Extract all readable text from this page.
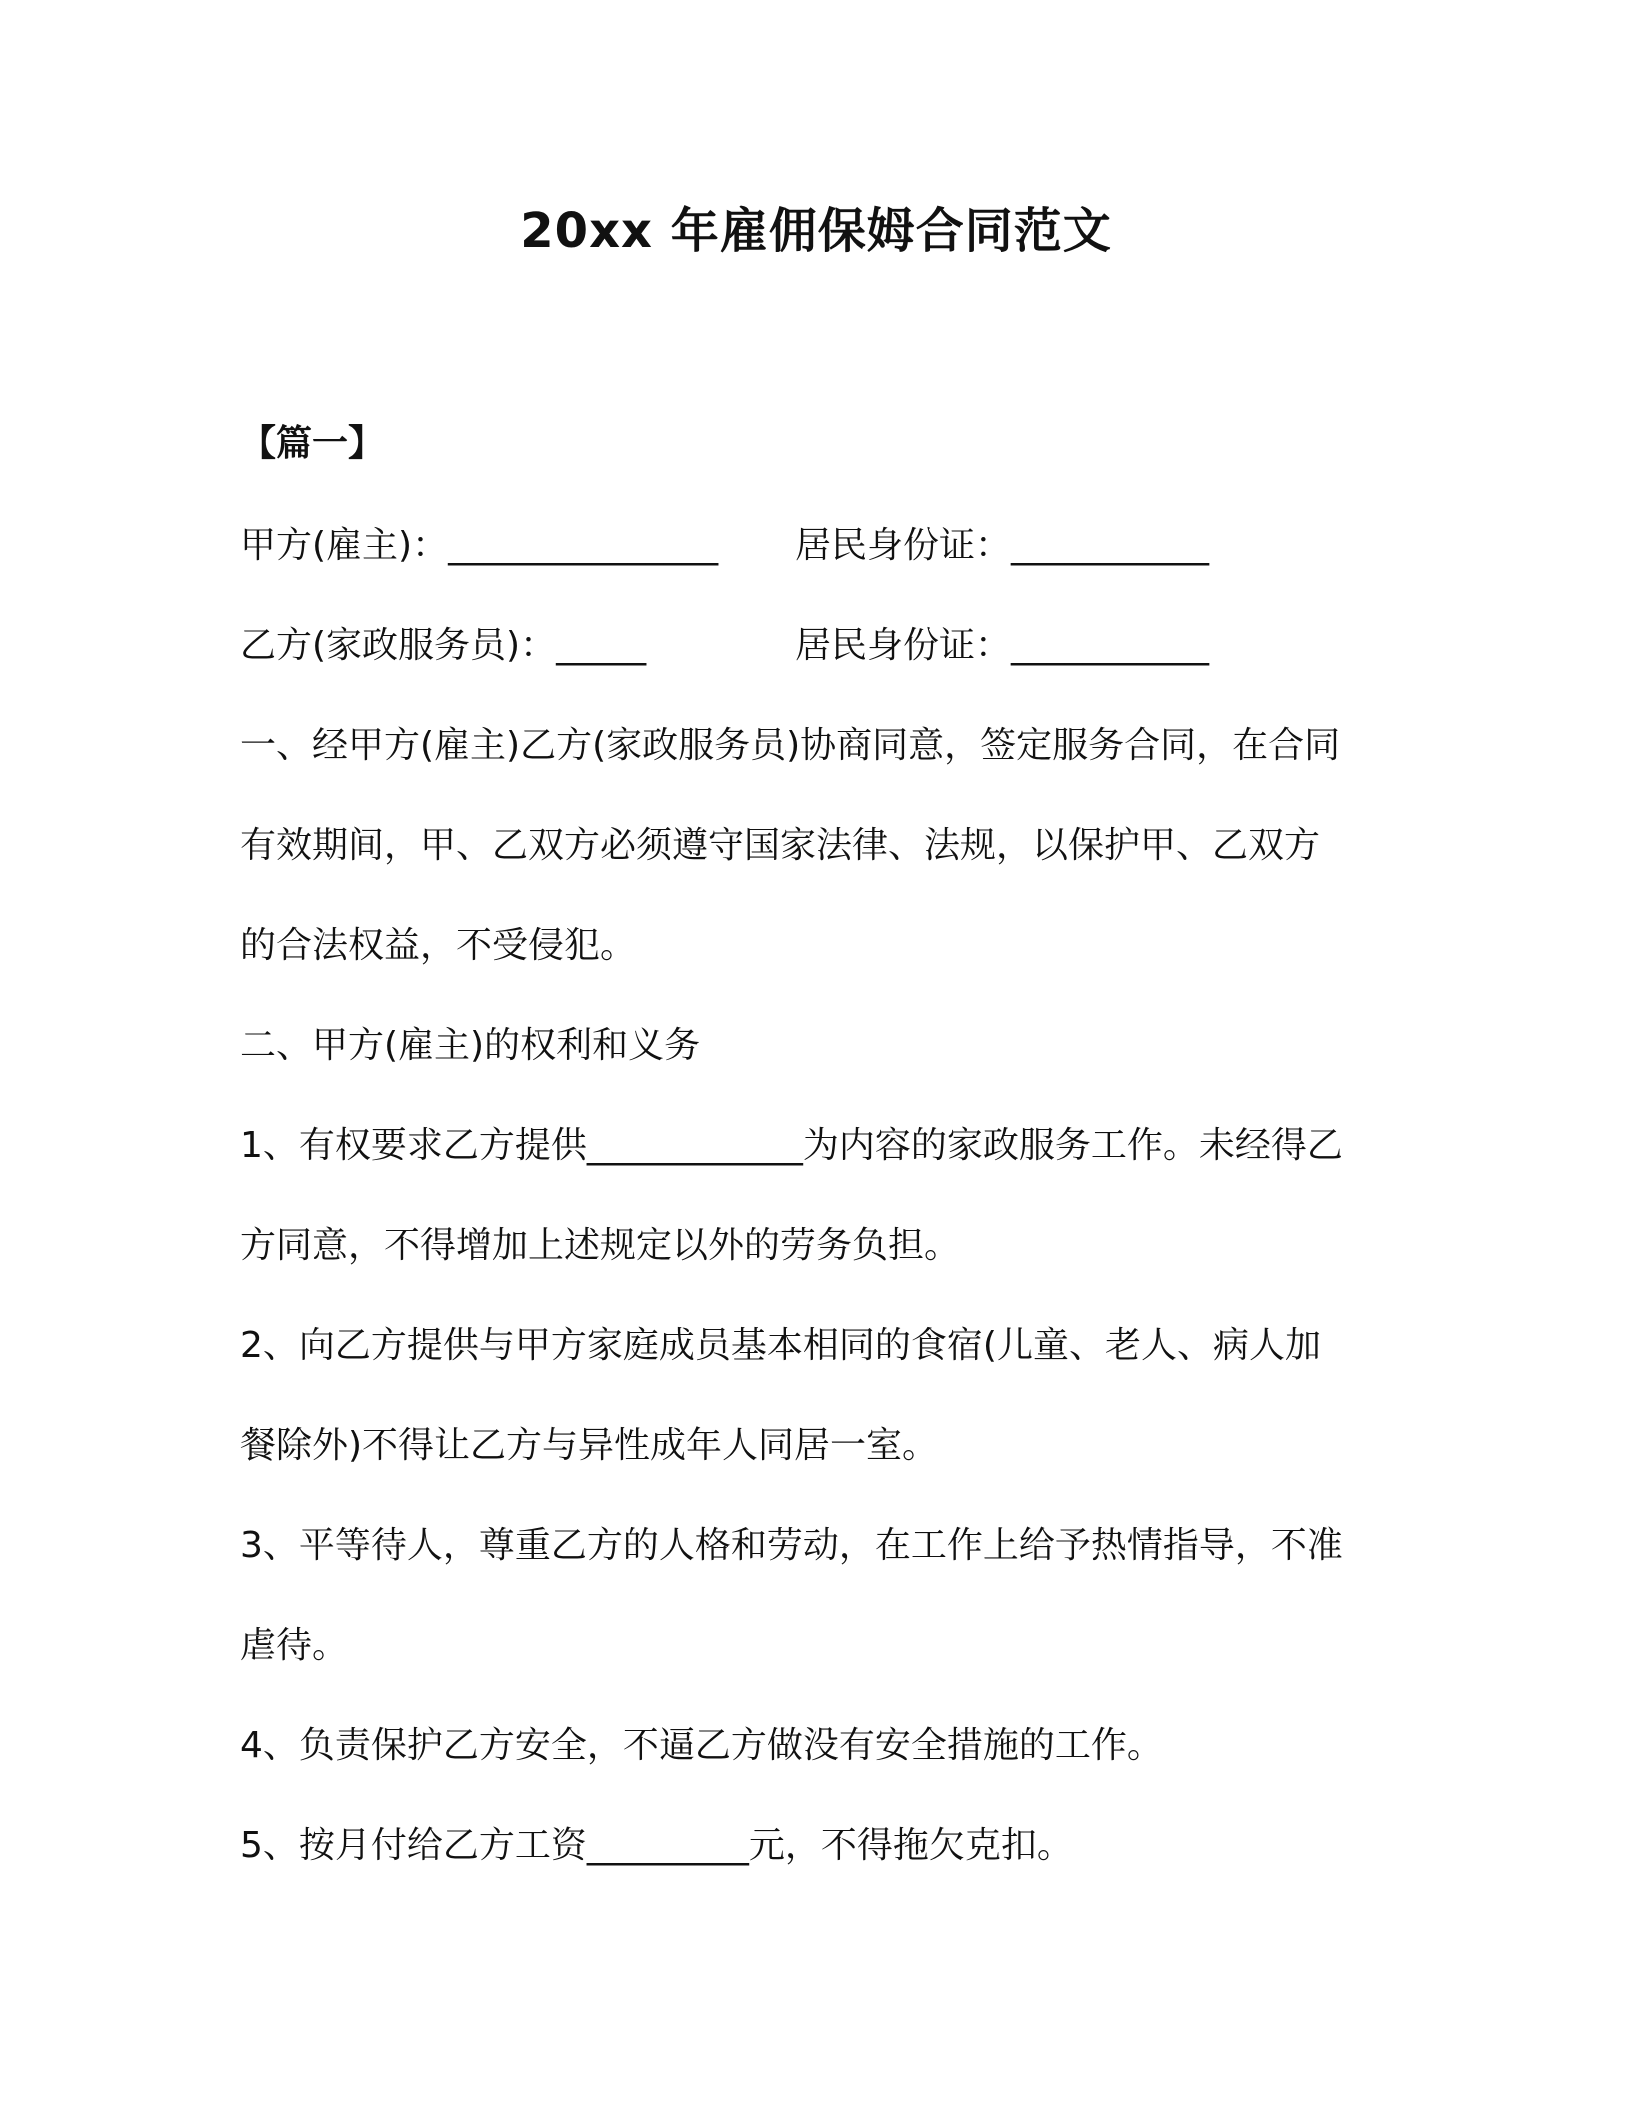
20xx 年雇佣保姆合同范文
【篇一】
甲方(雇主)：_______________ 居民身份证：___________
乙方(家政服务员)：_____	居民身份证：___________
一、经甲方(雇主)乙方(家政服务员)协商同意，签定服务合同，在合同
有效期间，甲、乙双方必须遵守国家法律、法规，以保护甲、乙双方
的合法权益，不受侵犯。
二、甲方(雇主)的权利和义务
1、有权要求乙方提供____________为内容的家政服务工作。未经得乙
方同意，不得增加上述规定以外的劳务负担。
2、向乙方提供与甲方家庭成员基本相同的食宿(儿童、老人、病人加
餐除外)不得让乙方与异性成年人同居一室。
3、平等待人，尊重乙方的人格和劳动，在工作上给予热情指导，不准
虐待。
4、负责保护乙方安全，不逼乙方做没有安全措施的工作。
5、按月付给乙方工资_________元，不得拖欠克扣。
